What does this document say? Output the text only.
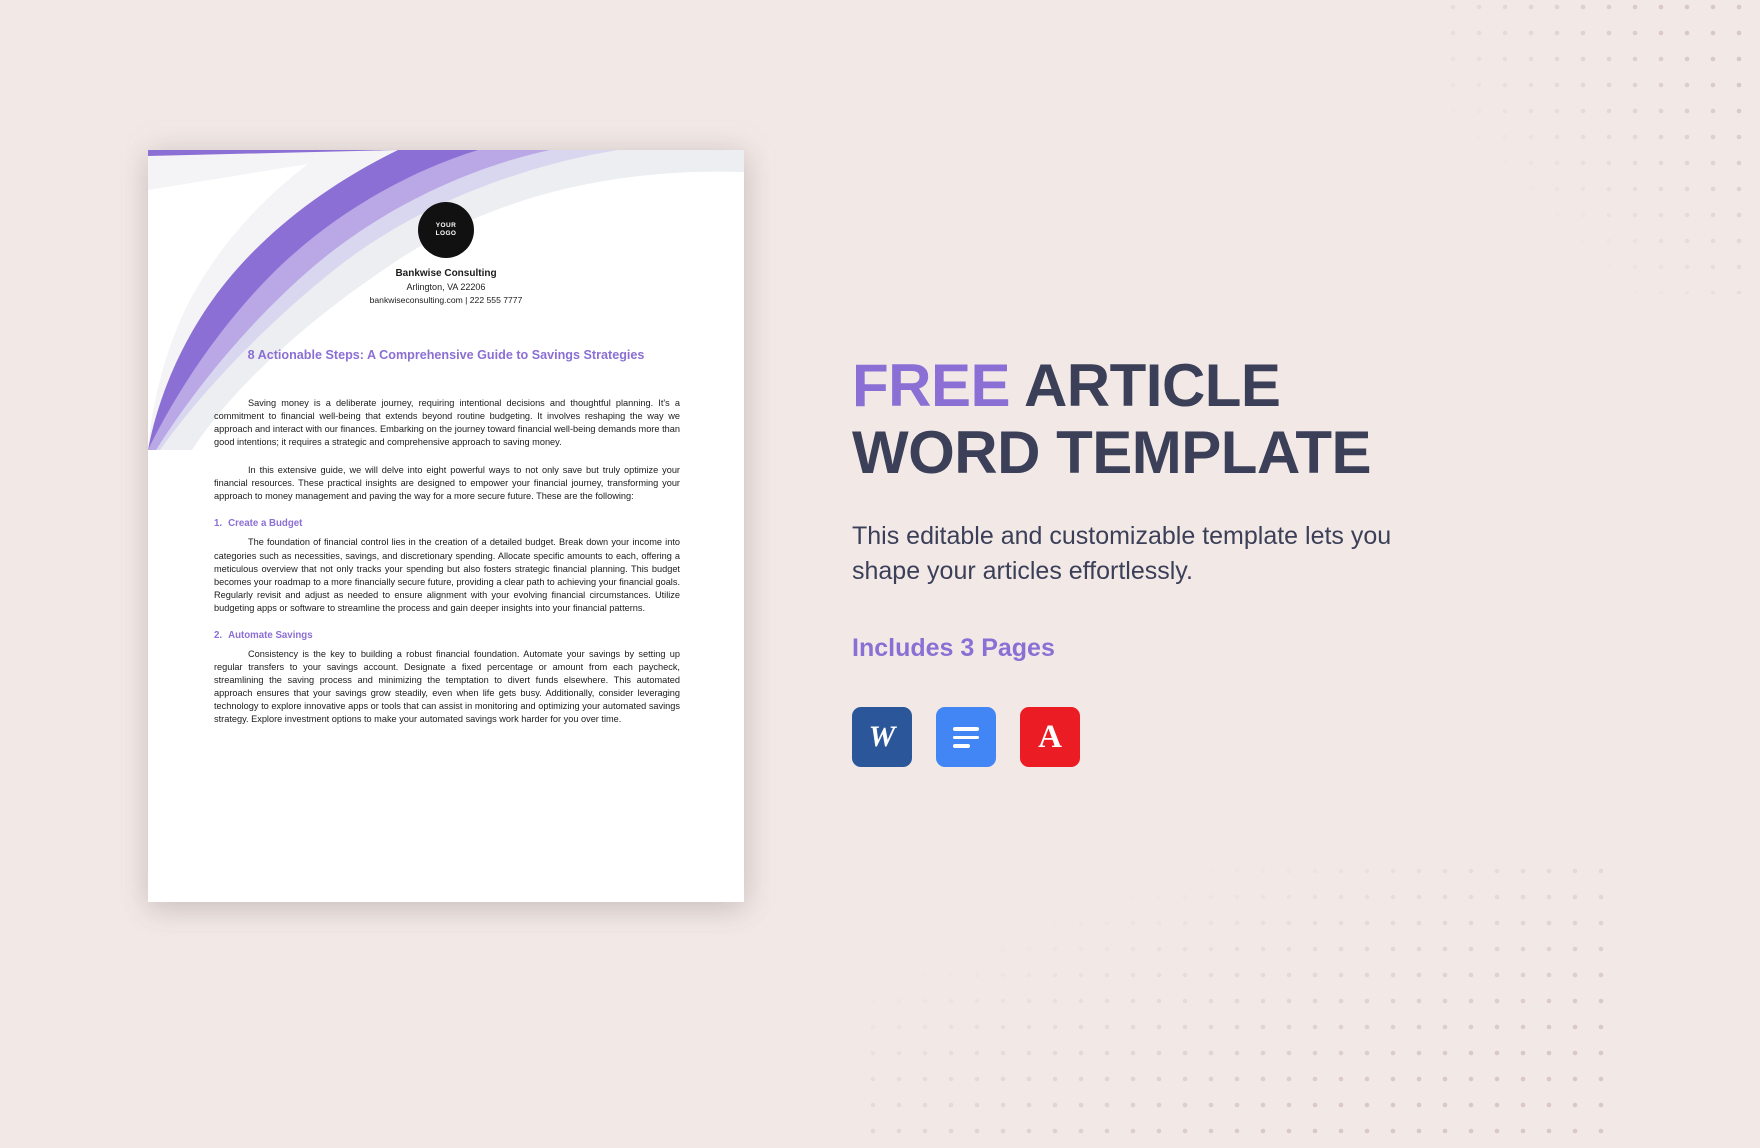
YOUR
LOGO
Bankwise Consulting
Arlington, VA 22206
bankwiseconsulting.com | 222 555 7777
8 Actionable Steps: A Comprehensive Guide to Savings Strategies

Saving money is a deliberate journey, requiring intentional decisions and thoughtful planning. It's a commitment to financial well-being that extends beyond routine budgeting. It involves reshaping the way we approach and interact with our finances. Embarking on the journey toward financial well-being demands more than good intentions; it requires a strategic and comprehensive approach to saving money.

In this extensive guide, we will delve into eight powerful ways to not only save but truly optimize your financial resources. These practical insights are designed to empower your financial journey, transforming your approach to money management and paving the way for a more secure future. These are the following:

1. Create a Budget

The foundation of financial control lies in the creation of a detailed budget. Break down your income into categories such as necessities, savings, and discretionary spending. Allocate specific amounts to each, offering a meticulous overview that not only tracks your spending but also fosters strategic financial planning. This budget becomes your roadmap to a more financially secure future, providing a clear path to achieving your financial goals. Regularly revisit and adjust as needed to ensure alignment with your evolving financial circumstances. Utilize budgeting apps or software to streamline the process and gain deeper insights into your financial patterns.

2. Automate Savings

Consistency is the key to building a robust financial foundation. Automate your savings by setting up regular transfers to your savings account. Designate a fixed percentage or amount from each paycheck, streamlining the saving process and minimizing the temptation to divert funds elsewhere. This automated approach ensures that your savings grow steadily, even when life gets busy. Additionally, consider leveraging technology to explore innovative apps or tools that can assist in monitoring and optimizing your automated savings strategy. Explore investment options to make your automated savings work harder for you over time.

FREE ARTICLE
WORD TEMPLATE

This editable and customizable template lets you shape your articles effortlessly.

Includes 3 Pages

W	A
